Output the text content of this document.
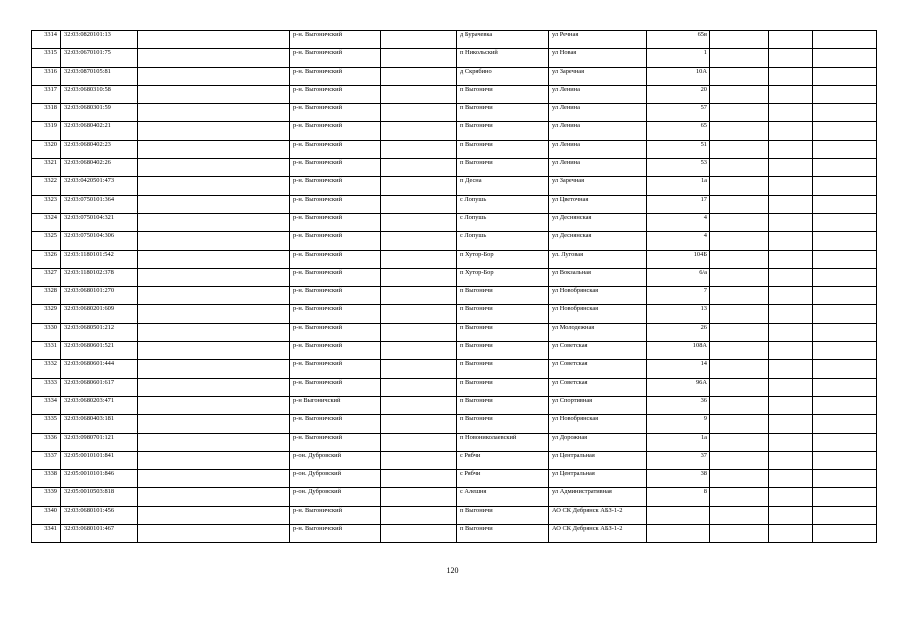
3314	32:03:0820101:13		р-н. Выгоничский		д Бурачевка	ул Речная	65в			
3315	32:03:0670101:75		р-н. Выгоничский		п Никольский	ул Новая	1			
3316	32:03:0870105:81		р-н. Выгоничский		д Скрябино	ул Заречная	10А			
3317	32:03:0680310:58		р-н. Выгоничский		п Выгоничи	ул Ленина	20			
3318	32:03:0680301:59		р-н. Выгоничский		п Выгоничи	ул Ленина	57			
3319	32:03:0680402:21		р-н. Выгоничский		п Выгоничи	ул Ленина	65			
3320	32:03:0680402:23		р-н. Выгоничский		п Выгоничи	ул Ленина	51			
3321	32:03:0680402:26		р-н. Выгоничский		п Выгоничи	ул Ленина	53			
3322	32:03:0420501:473		р-н. Выгоничский		п Десна	ул Заречная	1а			
3323	32:03:0750101:364		р-н. Выгоничский		с Лопушь	ул Цветочная	17			
3324	32:03:0750104:321		р-н. Выгоничский		с Лопушь	ул Деснянская	4			
3325	32:03:0750104:306		р-н. Выгоничский		с Лопушь	ул Деснянская	4			
3326	32:03:1180101:542		р-н. Выгоничский		п Хутор-Бор	ул. Луговая	104Б			
3327	32:03:1180102:378		р-н. Выгоничский		п Хутор-Бор	ул Вокзальная	6/а			
3328	32:03:0680101:270		р-н. Выгоничский		п Выгоничи	ул Новобрянская	7			
3329	32:03:0680201:609		р-н. Выгоничский		п Выгоничи	ул Новобрянская	13			
3330	32:03:0680501:212		р-н. Выгоничский		п Выгоничи	ул Молодежная	26			
3331	32:03:0680601:521		р-н. Выгоничский		п Выгоничи	ул Советская	108А			
3332	32:03:0680601:444		р-н. Выгоничский		п Выгоничи	ул Советская	14			
3333	32:03:0680601:617		р-н. Выгоничский		п Выгоничи	ул Советская	96А			
3334	32:03:0680203:471		р-н Выгоничский		п Выгоничи	ул Спортивная	36			
3335	32:03:0680403:181		р-н. Выгоничский		п Выгоничи	ул Новобрянская	9			
3336	32:03:0980701:121		р-н. Выгоничский		п Новониколаевский	ул Дорожная	1а			
3337	32:05:0010101:841		р-он. Дубровский		с Рябчи	ул Центральная	37			
3338	32:05:0010101:846		р-он. Дубровский		с Рябчи	ул Центральная	38			
3339	32:05:0010503:818		р-он. Дубровский		с Алешня	ул Административная	8			
3340	32:03:0680101:456		р-н. Выгоничский		п Выгоничи	АО СК Дебрянск АБЗ-1-2				
3341	32:03:0680101:467		р-н. Выгоничский		п Выгоничи	АО СК Дебрянск АБЗ-1-2				
120
